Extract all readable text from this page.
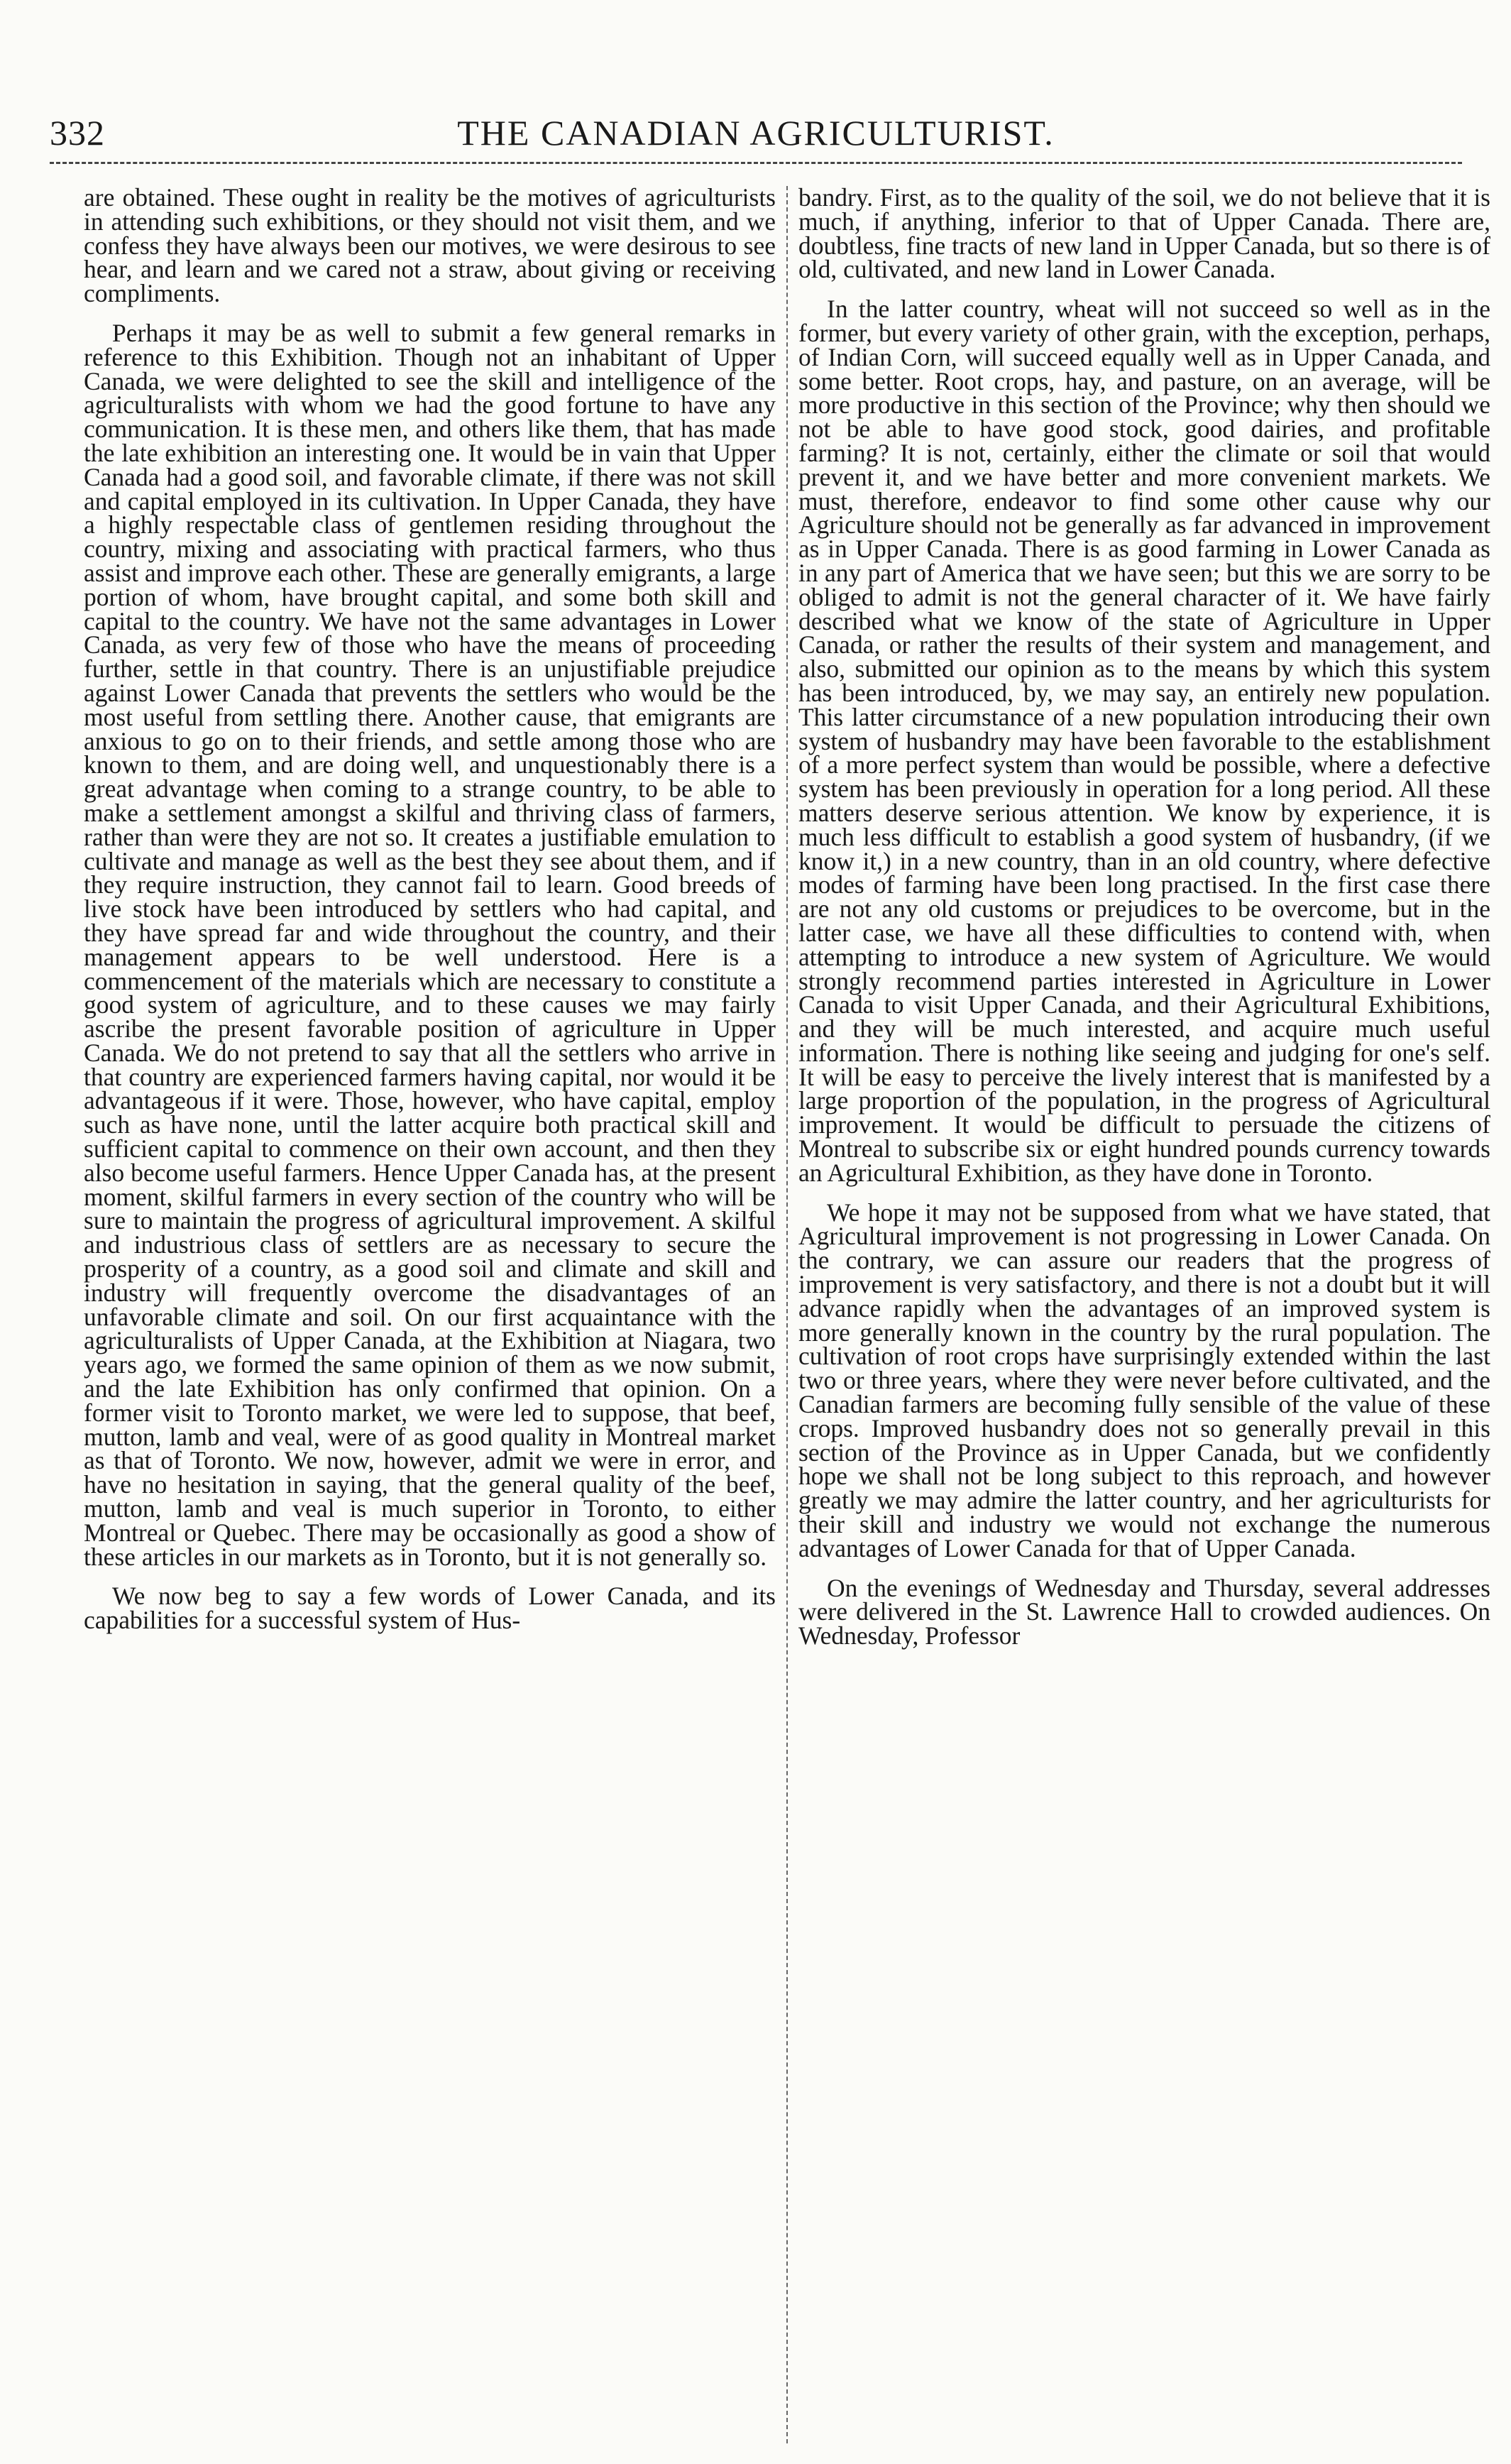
332	THE CANADIAN AGRICULTURIST.

are obtained. These ought in reality be the motives of agriculturists in attending such exhibitions, or they should not visit them, and we confess they have always been our motives, we were desirous to see hear, and learn and we cared not a straw, about giving or receiving compliments.

Perhaps it may be as well to submit a few general remarks in reference to this Exhibition. Though not an inhabitant of Upper Canada, we were delighted to see the skill and intelligence of the agriculturalists with whom we had the good fortune to have any communication. It is these men, and others like them, that has made the late exhibition an interesting one. It would be in vain that Upper Canada had a good soil, and favorable climate, if there was not skill and capital employed in its cultivation. In Upper Canada, they have a highly respectable class of gentlemen residing throughout the country, mixing and associating with practical farmers, who thus assist and improve each other. These are generally emigrants, a large portion of whom, have brought capital, and some both skill and capital to the country. We have not the same advantages in Lower Canada, as very few of those who have the means of proceeding further, settle in that country. There is an unjustifiable prejudice against Lower Canada that prevents the settlers who would be the most useful from settling there. Another cause, that emigrants are anxious to go on to their friends, and settle among those who are known to them, and are doing well, and unquestionably there is a great advantage when coming to a strange country, to be able to make a settlement amongst a skilful and thriving class of farmers, rather than were they are not so. It creates a justifiable emulation to cultivate and manage as well as the best they see about them, and if they require instruction, they cannot fail to learn. Good breeds of live stock have been introduced by settlers who had capital, and they have spread far and wide throughout the country, and their management appears to be well understood. Here is a commencement of the materials which are necessary to constitute a good system of agriculture, and to these causes we may fairly ascribe the present favorable position of agriculture in Upper Canada. We do not pretend to say that all the settlers who arrive in that country are experienced farmers having capital, nor would it be advantageous if it were. Those, however, who have capital, employ such as have none, until the latter acquire both practical skill and sufficient capital to commence on their own account, and then they also become useful farmers. Hence Upper Canada has, at the present moment, skilful farmers in every section of the country who will be sure to maintain the progress of agricultural improvement. A skilful and industrious class of settlers are as necessary to secure the prosperity of a country, as a good soil and climate and skill and industry will frequently overcome the disadvantages of an unfavorable climate and soil. On our first acquaintance with the agriculturalists of Upper Canada, at the Exhibition at Niagara, two years ago, we formed the same opinion of them as we now submit, and the late Exhibition has only confirmed that opinion. On a former visit to Toronto market, we were led to suppose, that beef, mutton, lamb and veal, were of as good quality in Montreal market as that of Toronto. We now, however, admit we were in error, and have no hesitation in saying, that the general quality of the beef, mutton, lamb and veal is much superior in Toronto, to either Montreal or Quebec. There may be occasionally as good a show of these articles in our markets as in Toronto, but it is not generally so.

We now beg to say a few words of Lower Canada, and its capabilities for a successful system of Hus-

bandry. First, as to the quality of the soil, we do not believe that it is much, if anything, inferior to that of Upper Canada. There are, doubtless, fine tracts of new land in Upper Canada, but so there is of old, cultivated, and new land in Lower Canada.

In the latter country, wheat will not succeed so well as in the former, but every variety of other grain, with the exception, perhaps, of Indian Corn, will succeed equally well as in Upper Canada, and some better. Root crops, hay, and pasture, on an average, will be more productive in this section of the Province; why then should we not be able to have good stock, good dairies, and profitable farming? It is not, certainly, either the climate or soil that would prevent it, and we have better and more convenient markets. We must, therefore, endeavor to find some other cause why our Agriculture should not be generally as far advanced in improvement as in Upper Canada. There is as good farming in Lower Canada as in any part of America that we have seen; but this we are sorry to be obliged to admit is not the general character of it. We have fairly described what we know of the state of Agriculture in Upper Canada, or rather the results of their system and management, and also, submitted our opinion as to the means by which this system has been introduced, by, we may say, an entirely new population. This latter circumstance of a new population introducing their own system of husbandry may have been favorable to the establishment of a more perfect system than would be possible, where a defective system has been previously in operation for a long period. All these matters deserve serious attention. We know by experience, it is much less difficult to establish a good system of husbandry, (if we know it,) in a new country, than in an old country, where defective modes of farming have been long practised. In the first case there are not any old customs or prejudices to be overcome, but in the latter case, we have all these difficulties to contend with, when attempting to introduce a new system of Agriculture. We would strongly recommend parties interested in Agriculture in Lower Canada to visit Upper Canada, and their Agricultural Exhibitions, and they will be much interested, and acquire much useful information. There is nothing like seeing and judging for one's self. It will be easy to perceive the lively interest that is manifested by a large proportion of the population, in the progress of Agricultural improvement. It would be difficult to persuade the citizens of Montreal to subscribe six or eight hundred pounds currency towards an Agricultural Exhibition, as they have done in Toronto.

We hope it may not be supposed from what we have stated, that Agricultural improvement is not progressing in Lower Canada. On the contrary, we can assure our readers that the progress of improvement is very satisfactory, and there is not a doubt but it will advance rapidly when the advantages of an improved system is more generally known in the country by the rural population. The cultivation of root crops have surprisingly extended within the last two or three years, where they were never before cultivated, and the Canadian farmers are becoming fully sensible of the value of these crops. Improved husbandry does not so generally prevail in this section of the Province as in Upper Canada, but we confidently hope we shall not be long subject to this reproach, and however greatly we may admire the latter country, and her agriculturists for their skill and industry we would not exchange the numerous advantages of Lower Canada for that of Upper Canada.

On the evenings of Wednesday and Thursday, several addresses were delivered in the St. Lawrence Hall to crowded audiences. On Wednesday, Professor
